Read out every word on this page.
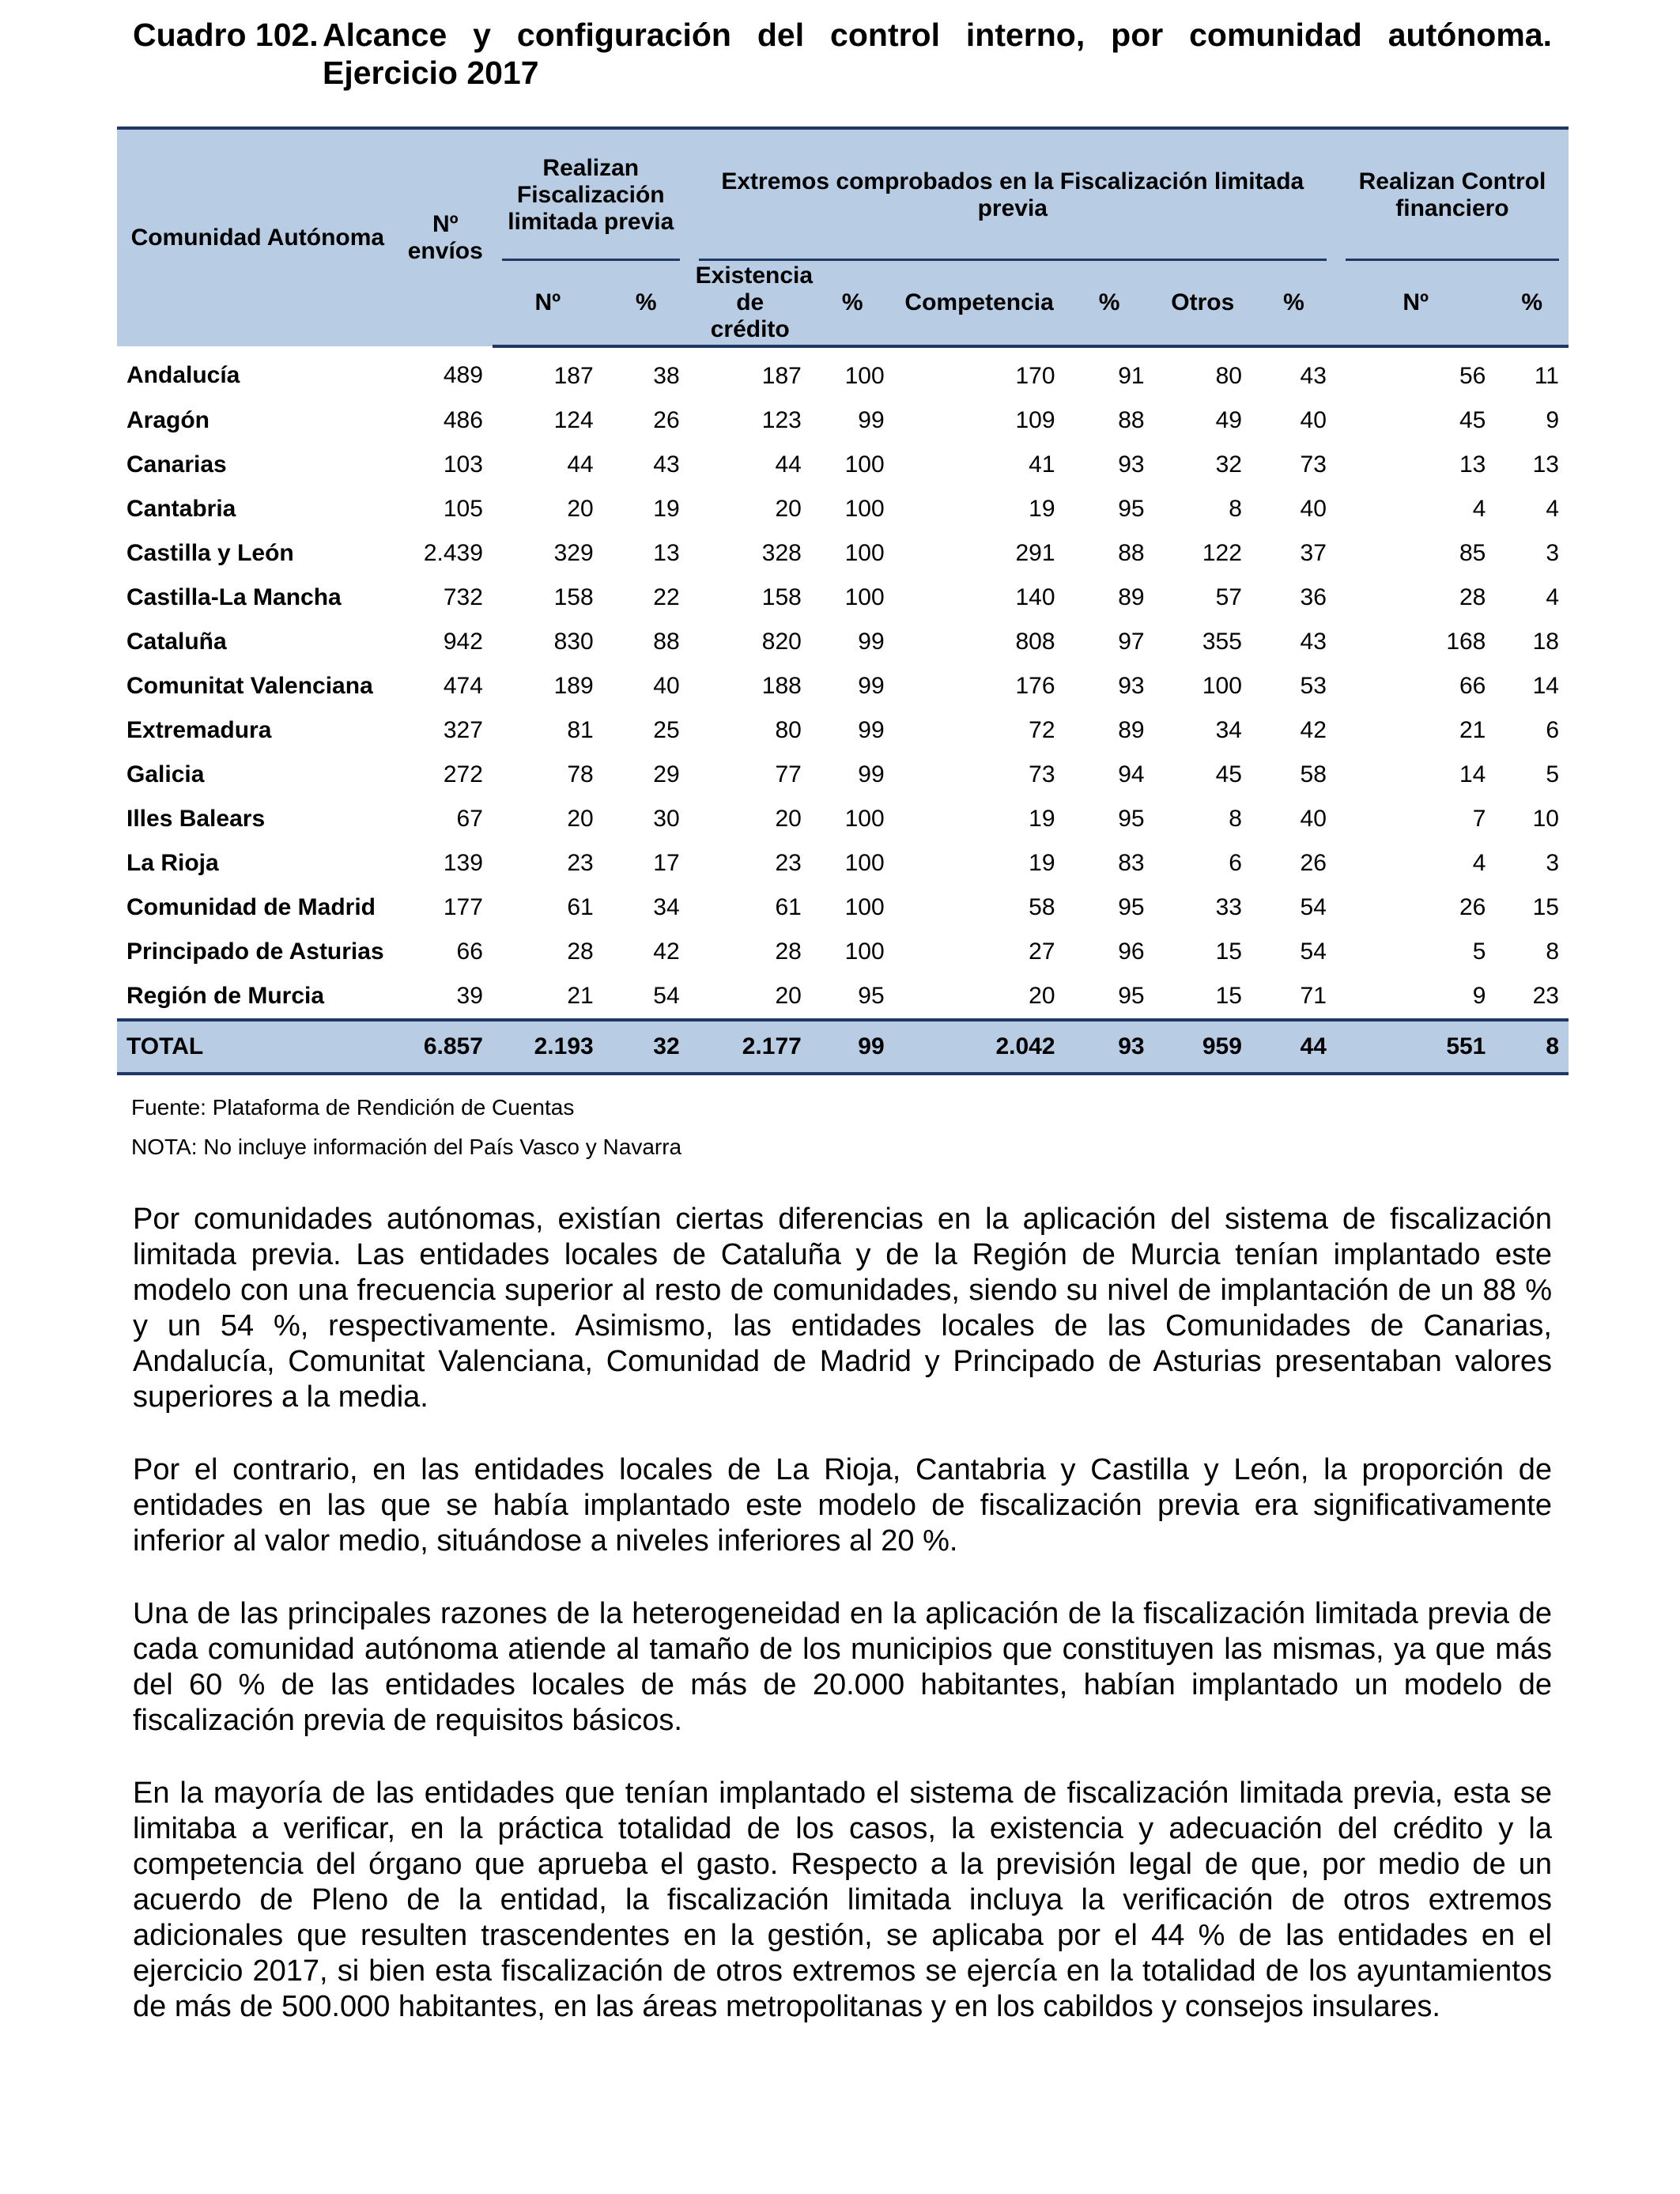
Cuadro 102. Alcance y configuración del control interno, por comunidad autónoma. Ejercicio 2017
Comunidad Autónoma	Nº envíos	Realizan Fiscalización limitada previa		Extremos comprobados en la Fiscalización limitada previa						Realizan Control financiero	
		Nº	%	Existencia de crédito	%	Competencia	%	Otros	%	Nº	%
Andalucía	489	187	38	187	100	170	91	80	43	56	11
Aragón	486	124	26	123	99	109	88	49	40	45	9
Canarias	103	44	43	44	100	41	93	32	73	13	13
Cantabria	105	20	19	20	100	19	95	8	40	4	4
Castilla y León	2.439	329	13	328	100	291	88	122	37	85	3
Castilla-La Mancha	732	158	22	158	100	140	89	57	36	28	4
Cataluña	942	830	88	820	99	808	97	355	43	168	18
Comunitat Valenciana	474	189	40	188	99	176	93	100	53	66	14
Extremadura	327	81	25	80	99	72	89	34	42	21	6
Galicia	272	78	29	77	99	73	94	45	58	14	5
Illes Balears	67	20	30	20	100	19	95	8	40	7	10
La Rioja	139	23	17	23	100	19	83	6	26	4	3
Comunidad de Madrid	177	61	34	61	100	58	95	33	54	26	15
Principado de Asturias	66	28	42	28	100	27	96	15	54	5	8
Región de Murcia	39	21	54	20	95	20	95	15	71	9	23
TOTAL	6.857	2.193	32	2.177	99	2.042	93	959	44	551	8
Fuente: Plataforma de Rendición de Cuentas
NOTA: No incluye información del País Vasco y Navarra

Por comunidades autónomas, existían ciertas diferencias en la aplicación del sistema de fiscalización limitada previa. Las entidades locales de Cataluña y de la Región de Murcia tenían implantado este modelo con una frecuencia superior al resto de comunidades, siendo su nivel de implantación de un 88 % y un 54 %, respectivamente. Asimismo, las entidades locales de las Comunidades de Canarias, Andalucía, Comunitat Valenciana, Comunidad de Madrid y Principado de Asturias presentaban valores superiores a la media.

Por el contrario, en las entidades locales de La Rioja, Cantabria y Castilla y León, la proporción de entidades en las que se había implantado este modelo de fiscalización previa era significativamente inferior al valor medio, situándose a niveles inferiores al 20 %.

Una de las principales razones de la heterogeneidad en la aplicación de la fiscalización limitada previa de cada comunidad autónoma atiende al tamaño de los municipios que constituyen las mismas, ya que más del 60 % de las entidades locales de más de 20.000 habitantes, habían implantado un modelo de fiscalización previa de requisitos básicos.

En la mayoría de las entidades que tenían implantado el sistema de fiscalización limitada previa, esta se limitaba a verificar, en la práctica totalidad de los casos, la existencia y adecuación del crédito y la competencia del órgano que aprueba el gasto. Respecto a la previsión legal de que, por medio de un acuerdo de Pleno de la entidad, la fiscalización limitada incluya la verificación de otros extremos adicionales que resulten trascendentes en la gestión, se aplicaba por el 44 % de las entidades en el ejercicio 2017, si bien esta fiscalización de otros extremos se ejercía en la totalidad de los ayuntamientos de más de 500.000 habitantes, en las áreas metropolitanas y en los cabildos y consejos insulares.
